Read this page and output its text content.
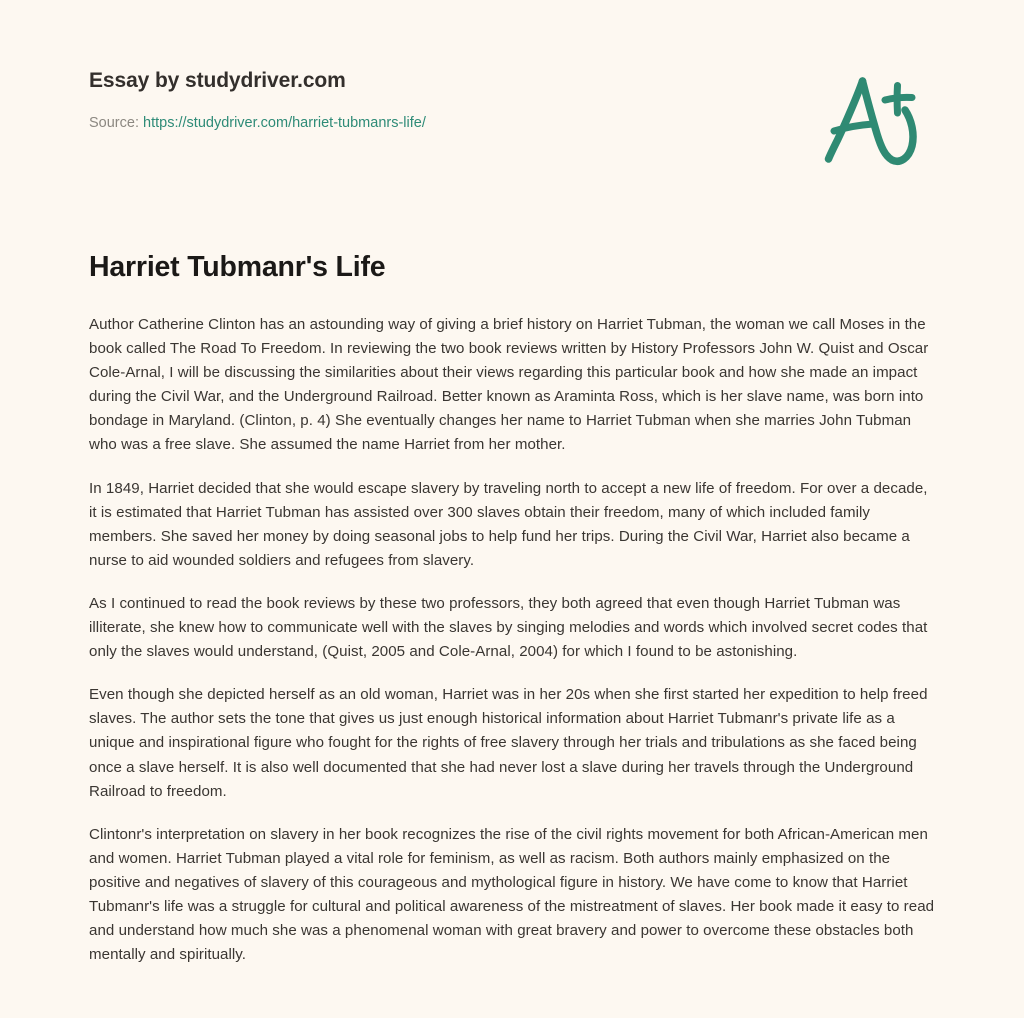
Essay by studydriver.com
Source: https://studydriver.com/harriet-tubmanrs-life/
Harriet Tubmanr's Life

Author Catherine Clinton has an astounding way of giving a brief history on Harriet Tubman, the woman we call Moses in the book called The Road To Freedom. In reviewing the two book reviews written by History Professors John W. Quist and Oscar Cole-Arnal, I will be discussing the similarities about their views regarding this particular book and how she made an impact during the Civil War, and the Underground Railroad. Better known as Araminta Ross, which is her slave name, was born into bondage in Maryland. (Clinton, p. 4) She eventually changes her name to Harriet Tubman when she marries John Tubman who was a free slave. She assumed the name Harriet from her mother.

In 1849, Harriet decided that she would escape slavery by traveling north to accept a new life of freedom. For over a decade, it is estimated that Harriet Tubman has assisted over 300 slaves obtain their freedom, many of which included family members. She saved her money by doing seasonal jobs to help fund her trips. During the Civil War, Harriet also became a nurse to aid wounded soldiers and refugees from slavery.

As I continued to read the book reviews by these two professors, they both agreed that even though Harriet Tubman was illiterate, she knew how to communicate well with the slaves by singing melodies and words which involved secret codes that only the slaves would understand, (Quist, 2005 and Cole-Arnal, 2004) for which I found to be astonishing.

Even though she depicted herself as an old woman, Harriet was in her 20s when she first started her expedition to help freed slaves. The author sets the tone that gives us just enough historical information about Harriet Tubmanr's private life as a unique and inspirational figure who fought for the rights of free slavery through her trials and tribulations as she faced being once a slave herself. It is also well documented that she had never lost a slave during her travels through the Underground Railroad to freedom.

Clintonr's interpretation on slavery in her book recognizes the rise of the civil rights movement for both African-American men and women. Harriet Tubman played a vital role for feminism, as well as racism. Both authors mainly emphasized on the positive and negatives of slavery of this courageous and mythological figure in history. We have come to know that Harriet Tubmanr's life was a struggle for cultural and political awareness of the mistreatment of slaves. Her book made it easy to read and understand how much she was a phenomenal woman with great bravery and power to overcome these obstacles both mentally and spiritually.
